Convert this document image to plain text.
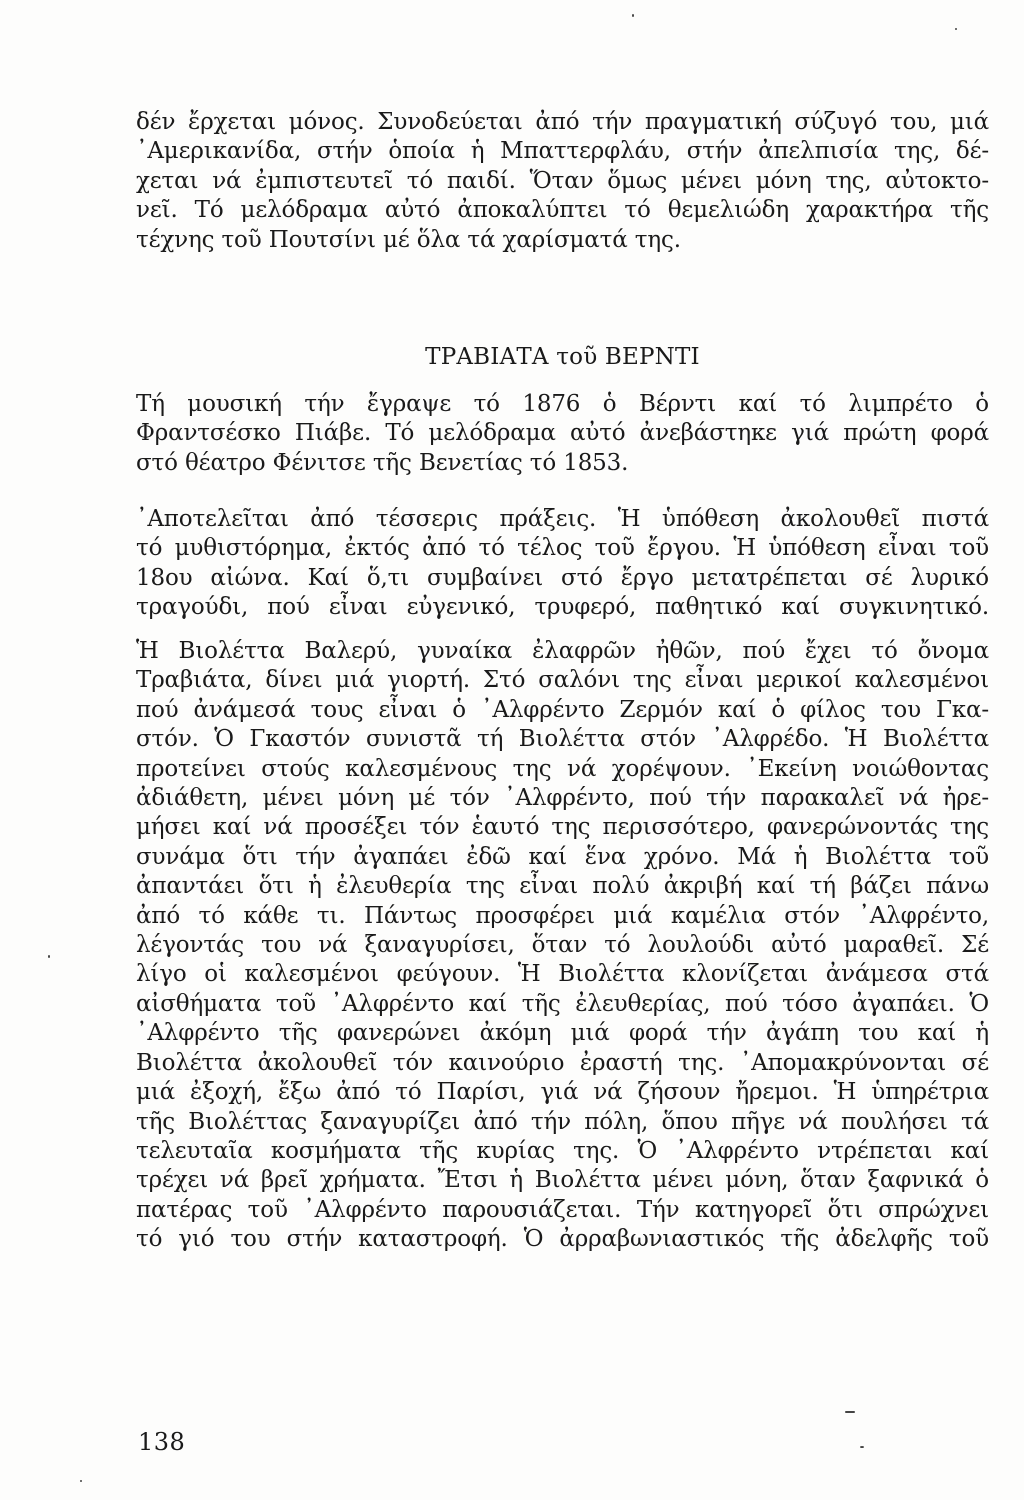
δέν ἔρχεται μόνος. Συνοδεύεται ἀπό τήν πραγματική σύζυγό του, μιά
᾿Αμερικανίδα, στήν ὁποία ἡ Μπαττερφλάυ, στήν ἀπελπισία της, δέ-
χεται νά ἐμπιστευτεῖ τό παιδί. Ὅταν ὅμως μένει μόνη της, αὐτοκτο-
νεῖ. Τό μελόδραμα αὐτό ἀποκαλύπτει τό θεμελιώδη χαρακτήρα τῆς
τέχνης τοῦ Πουτσίνι μέ ὅλα τά χαρίσματά της.
ΤΡΑΒΙΑΤΑ τοῦ ΒΕΡΝΤΙ
Τή μουσική τήν ἔγραψε τό 1876 ὁ Βέρντι καί τό λιμπρέτο ὁ
Φραντσέσκο Πιάβε. Τό μελόδραμα αὐτό ἀνεβάστηκε γιά πρώτη φορά
στό θέατρο Φένιτσε τῆς Βενετίας τό 1853.
᾿Αποτελεῖται ἀπό τέσσερις πράξεις. Ἡ ὑπόθεση ἀκολουθεῖ πιστά
τό μυθιστόρημα, ἐκτός ἀπό τό τέλος τοῦ ἔργου. Ἡ ὑπόθεση εἶναι τοῦ
18ου αἰώνα. Καί ὅ,τι συμβαίνει στό ἔργο μετατρέπεται σέ λυρικό
τραγούδι, πού εἶναι εὐγενικό, τρυφερό, παθητικό καί συγκινητικό.
Ἡ Βιολέττα Βαλερύ, γυναίκα ἐλαφρῶν ἠθῶν, πού ἔχει τό ὄνομα
Τραβιάτα, δίνει μιά γιορτή. Στό σαλόνι της εἶναι μερικοί καλεσμένοι
πού ἀνάμεσά τους εἶναι ὁ ᾿Αλφρέντο Ζερμόν καί ὁ φίλος του Γκα-
στόν. Ὁ Γκαστόν συνιστᾶ τή Βιολέττα στόν ᾿Αλφρέδο. Ἡ Βιολέττα
προτείνει στούς καλεσμένους της νά χορέψουν. ᾿Εκείνη νοιώθοντας
ἀδιάθετη, μένει μόνη μέ τόν ᾿Αλφρέντο, πού τήν παρακαλεῖ νά ἠρε-
μήσει καί νά προσέξει τόν ἑαυτό της περισσότερο, φανερώνοντάς της
συνάμα ὅτι τήν ἀγαπάει ἐδῶ καί ἕνα χρόνο. Μά ἡ Βιολέττα τοῦ
ἀπαντάει ὅτι ἡ ἐλευθερία της εἶναι πολύ ἀκριβή καί τή βάζει πάνω
ἀπό τό κάθε τι. Πάντως προσφέρει μιά καμέλια στόν ᾿Αλφρέντο,
λέγοντάς του νά ξαναγυρίσει, ὅταν τό λουλούδι αὐτό μαραθεῖ. Σέ
λίγο οἱ καλεσμένοι φεύγουν. Ἡ Βιολέττα κλονίζεται ἀνάμεσα στά
αἰσθήματα τοῦ ᾿Αλφρέντο καί τῆς ἐλευθερίας, πού τόσο ἀγαπάει. Ὁ
᾿Αλφρέντο τῆς φανερώνει ἀκόμη μιά φορά τήν ἀγάπη του καί ἡ
Βιολέττα ἀκολουθεῖ τόν καινούριο ἐραστή της. ᾿Απομακρύνονται σέ
μιά ἐξοχή, ἔξω ἀπό τό Παρίσι, γιά νά ζήσουν ἤρεμοι. Ἡ ὑπηρέτρια
τῆς Βιολέττας ξαναγυρίζει ἀπό τήν πόλη, ὅπου πῆγε νά πουλήσει τά
τελευταῖα κοσμήματα τῆς κυρίας της. Ὁ ᾿Αλφρέντο ντρέπεται καί
τρέχει νά βρεῖ χρήματα. Ἔτσι ἡ Βιολέττα μένει μόνη, ὅταν ξαφνικά ὁ
πατέρας τοῦ ᾿Αλφρέντο παρουσιάζεται. Τήν κατηγορεῖ ὅτι σπρώχνει
τό γιό του στήν καταστροφή. Ὁ ἀρραβωνιαστικός τῆς ἀδελφῆς τοῦ
138
